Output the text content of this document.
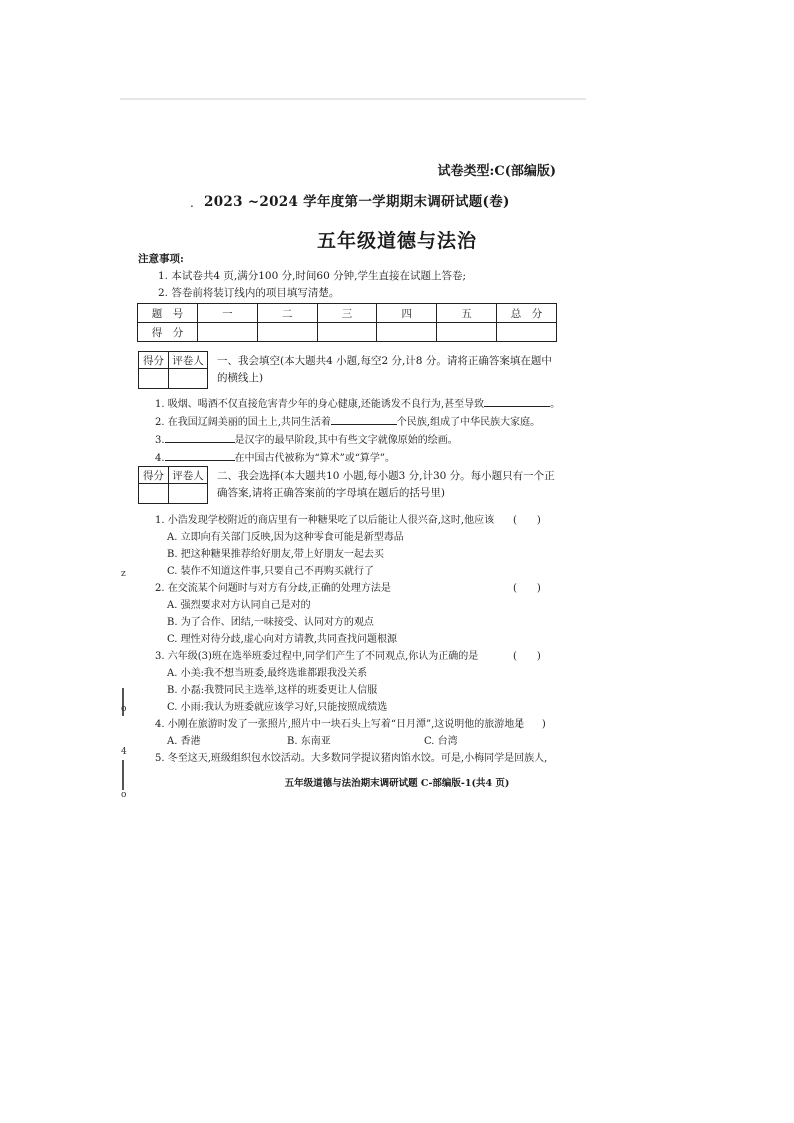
试卷类型:C(部编版)
. 2023 ~2024 学年度第一学期期末调研试题(卷)
五年级道德与法治
注意事项:
1. 本试卷共4 页,满分100 分,时间60 分钟,学生直接在试题上答卷;
2. 答卷前将装订线内的项目填写清楚。
题　号	一	二	三	四	五	总　分
得　分						
得分	评卷人
	一、我会填空(本大题共4 小题,每空2 分,计8 分。请将正确答案填在题中的横线上)
1. 吸烟、喝酒不仅直接危害青少年的身心健康,还能诱发不良行为,甚至导致	。
2. 在我国辽阔美丽的国土上,共同生活着	个民族,组成了中华民族大家庭。
3.	是汉字的最早阶段,其中有些文字就像原始的绘画。
4.	在中国古代被称为“算术”或“算学”。
得分	评卷人
	二、我会选择(本大题共10 小题,每小题3 分,计30 分。每小题只有一个正确答案,请将正确答案前的字母填在题后的括号里)
1. 小浩发现学校附近的商店里有一种糖果吃了以后能让人很兴奋,这时,他应该 (　　)
A. 立即向有关部门反映,因为这种零食可能是新型毒品
B. 把这种糖果推荐给好朋友,带上好朋友一起去买
C. 装作不知道这件事,只要自己不再购买就行了
2. 在交流某个问题时与对方有分歧,正确的处理方法是	(　　)
A. 强烈要求对方认同自己是对的
B. 为了合作、团结,一味接受、认同对方的观点
C. 理性对待分歧,虚心向对方请教,共同查找问题根源
3. 六年级(3)班在选举班委过程中,同学们产生了不同观点,你认为正确的是	(　　)
A. 小美:我不想当班委,最终选谁都跟我没关系
B. 小磊:我赞同民主选举,这样的班委更让人信服
C. 小雨:我认为班委就应该学习好,只能按照成绩选
4. 小刚在旅游时发了一张照片,照片中一块石头上写着“日月潭”,这说明他的旅游地是
(　　)
A. 香港	B. 东南亚	C. 台湾
5. 冬至这天,班级组织包水饺活动。大多数同学提议猪肉馅水饺。可是,小梅同学是回族人,
五年级道德与法治期末调研试题 C-部编版-1(共4 页)
z
o
4
o
